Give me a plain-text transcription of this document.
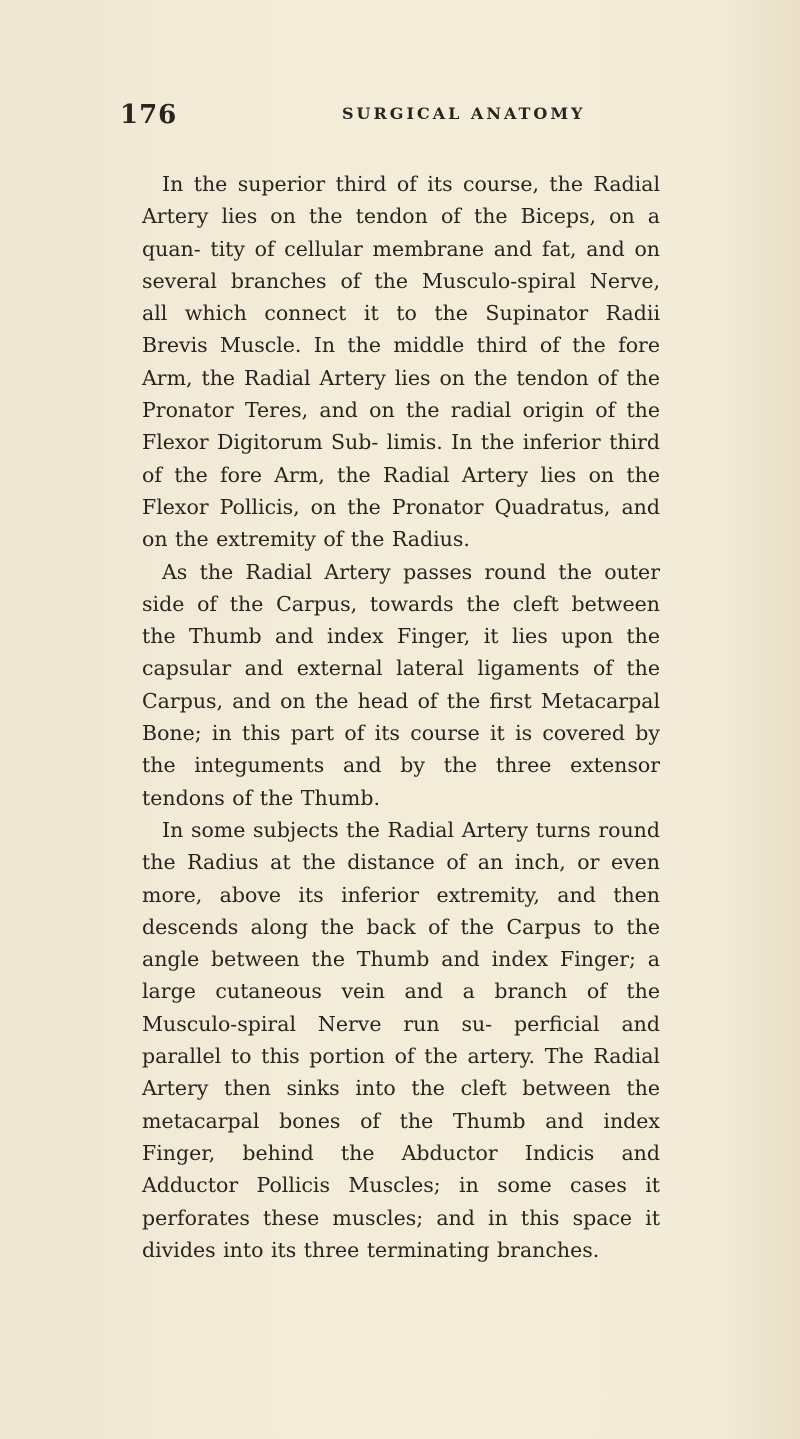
176	SURGICAL ANATOMY

In the superior third of its course, the Radial Artery lies on the tendon of the Biceps, on a quan- tity of cellular membrane and fat, and on several branches of the Musculo-spiral Nerve, all which connect it to the Supinator Radii Brevis Muscle. In the middle third of the fore Arm, the Radial Artery lies on the tendon of the Pronator Teres, and on the radial origin of the Flexor Digitorum Sub- limis. In the inferior third of the fore Arm, the Radial Artery lies on the Flexor Pollicis, on the Pronator Quadratus, and on the extremity of the Radius.

As the Radial Artery passes round the outer side of the Carpus, towards the cleft between the Thumb and index Finger, it lies upon the capsular and external lateral ligaments of the Carpus, and on the head of the first Metacarpal Bone; in this part of its course it is covered by the integuments and by the three extensor tendons of the Thumb.

In some subjects the Radial Artery turns round the Radius at the distance of an inch, or even more, above its inferior extremity, and then descends along the back of the Carpus to the angle between the Thumb and index Finger; a large cutaneous vein and a branch of the Musculo-spiral Nerve run su- perficial and parallel to this portion of the artery. The Radial Artery then sinks into the cleft between the metacarpal bones of the Thumb and index Finger, behind the Abductor Indicis and Adductor Pollicis Muscles; in some cases it perforates these muscles; and in this space it divides into its three terminating branches.
